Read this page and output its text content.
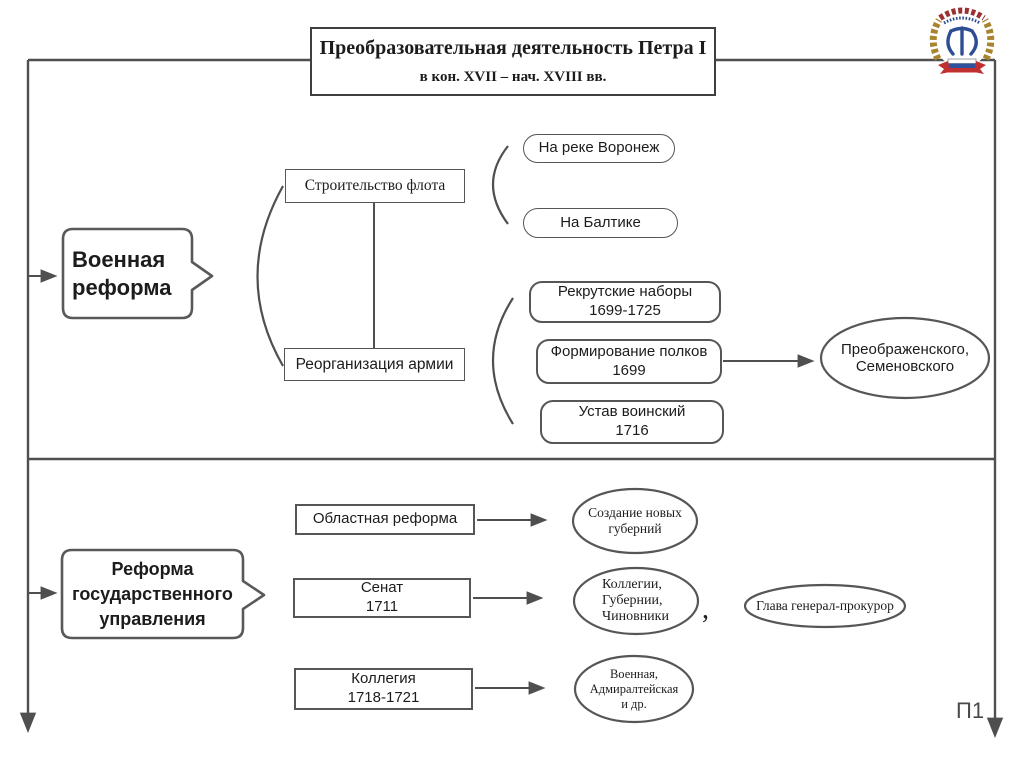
Преобразовательная деятельность Петра I
в кон. XVII – нач. XVIII вв.
Военная
реформа
Строительство флота
На реке Воронеж
На Балтике
Реорганизация армии
Рекрутские наборы
1699-1725
Формирование полков
1699
Устав воинский
1716
Преображенского,
Семеновского
Реформа
государственного
управления
Областная реформа	Создание новых
губерний
Сенат
1711
Коллегии,
Губернии,
Чиновники ,	Глава генерал-прокурор
Коллегия
1718-1721
Военная,
Адмиралтейская
и др.	П1
